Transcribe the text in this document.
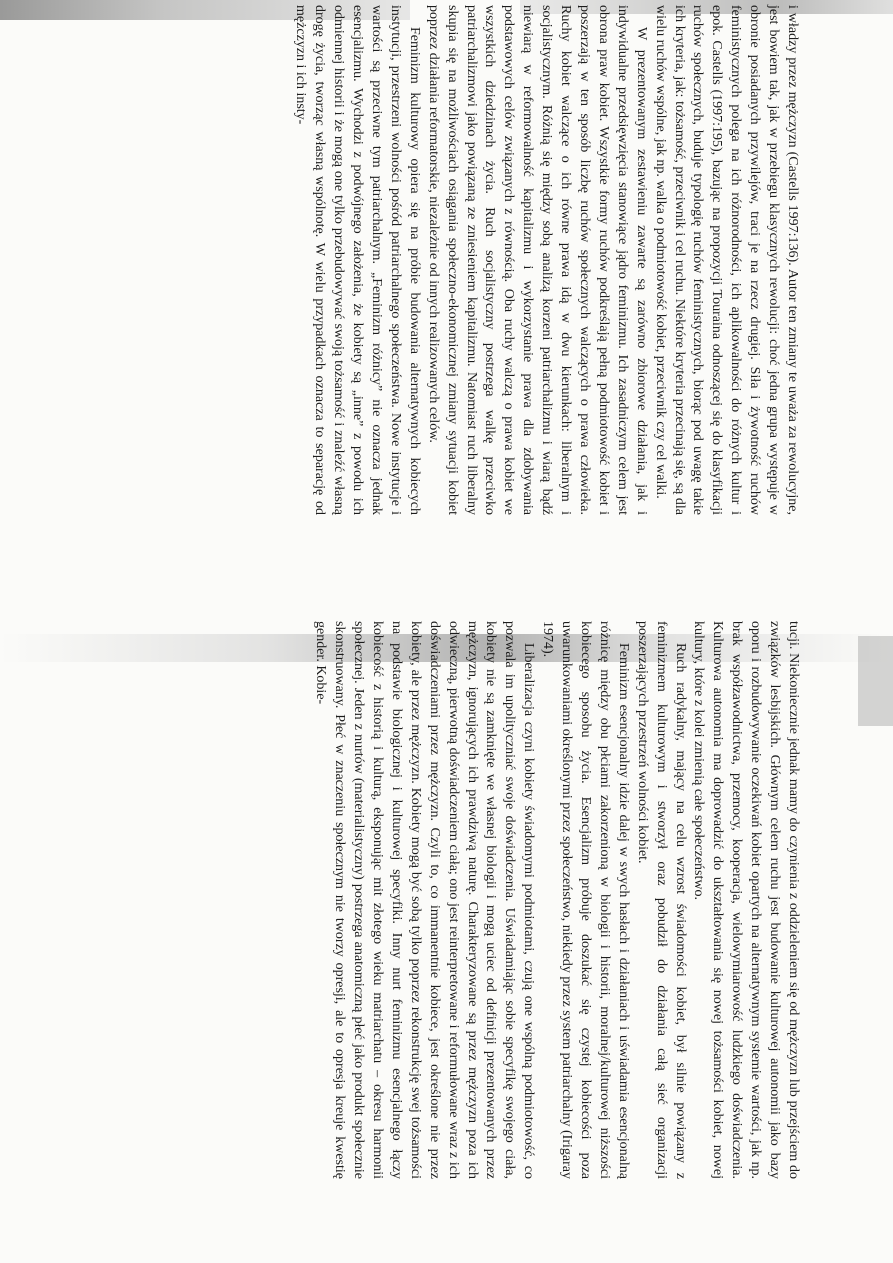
i władzy przez mężczyzn (Castells 1997:136). Autor ten zmiany te uważa za rewolucyjne, jest bowiem tak, jak w przebiegu klasycznych rewolucji: choć jedna grupa występuje w obronie posiadanych przywilejów, traci je na rzecz drugiej. Siła i żywotność ruchów feministycznych polega na ich różnorodności, ich aplikowalności do różnych kultur i epok. Castells (1997:195), bazując na propozycji Touraina odnoszącej się do klasyfikacji ruchów społecznych, buduje typologię ruchów feministycznych, biorąc pod uwagę takie ich kryteria, jak: tożsamość, przeciwnik i cel ruchu. Niektóre kryteria przecinają się, są dla wielu ruchów wspólne, jak np. walka o podmiotowość kobiet, przeciwnik czy cel walki.

W prezentowanym zestawieniu zawarte są zarówno zbiorowe działania, jak i indywidualne przedsięwzięcia stanowiące jądro feminizmu. Ich zasadniczym celem jest obrona praw kobiet. Wszystkie formy ruchów podkreślają pełną podmiotowość kobiet i poszerzają w ten sposób liczbę ruchów społecznych walczących o prawa człowieka. Ruchy kobiet walczące o ich równe prawa idą w dwu kierunkach: liberalnym i socjalistycznym. Różnią się między sobą analizą korzeni patriarchalizmu i wiarą bądź niewiarą w reformowalność kapitalizmu i wykorzystanie prawa dla zdobywania podstawowych celów związanych z równością. Oba ruchy walczą o prawa kobiet we wszystkich dziedzinach życia. Ruch socjalistyczny postrzega walkę przeciwko patriarchalizmowi jako powiązaną ze zniesieniem kapitalizmu. Natomiast ruch liberalny skupia się na możliwościach osiągania społeczno-ekonomicznej zmiany sytuacji kobiet poprzez działania reformatorskie, niezależnie od innych realizowanych celów.

Feminizm kulturowy opiera się na próbie budowania alternatywnych kobiecych instytucji, przestrzeni wolności pośród patriarchalnego społeczeństwa. Nowe instytucje i wartości są przeciwne tym patriarchalnym. „Feminizm różnicy” nie oznacza jednak esencjalizmu. Wychodzi z podwójnego założenia, że kobiety są „inne” z powodu ich odmiennej historii i że mogą one tylko przebudowywać swoją tożsamość i znaleźć własną drogę życia, tworząc własną wspólnotę. W wielu przypadkach oznacza to separację od mężczyzn i ich insty-

tucji. Niekoniecznie jednak mamy do czynienia z oddzieleniem się od mężczyzn lub przejściem do związków lesbijskich. Głównym celem ruchu jest budowanie kulturowej autonomii jako bazy oporu i rozbudowywanie oczekiwań kobiet opartych na alternatywnym systemie wartości, jak np. brak współzawodnictwa, przemocy, kooperacja, wielowymiarowość ludzkiego doświadczenia. Kulturowa autonomia ma doprowadzić do ukształtowania się nowej tożsamości kobiet, nowej kultury, które z kolei zmienią całe społeczeństwo.

Ruch radykalny, mający na celu wzrost świadomości kobiet, był silnie powiązany z feminizmem kulturowym i stworzył oraz pobudził do działania całą sieć organizacji poszerzających przestrzeń wolności kobiet.

Feminizm esencjonalny idzie dalej w swych hasłach i działaniach i uświadamia esencjonalną różnicę między obu płciami zakorzenioną w biologii i historii, moralnej/kulturowej niższości kobiecego sposobu życia. Esencjalizm próbuje doszukać się czystej kobiecości poza uwarunkowaniami określonymi przez społeczeństwo, niekiedy przez system patriarchalny (Irigaray 1974).

Liberalizacja czyni kobiety świadomymi podmiotami, czują one wspólną podmiotowość, co pozwala im upolityczniać swoje doświadczenia. Uświadamiając sobie specyfikę swojego ciała, kobiety nie są zamknięte we własnej biologii i mogą uciec od definicji prezentowanych przez mężczyzn, ignorujących ich prawdziwą naturę. Charakteryzowane są przez mężczyzn poza ich odwieczną, pierwotną doświadczeniem ciała; ono jest reinterpretowane i reformułowane wraz z ich doświadczeniami przez mężczyzn. Czyli to, co immanentnie kobiece, jest określone nie przez kobiety, ale przez mężczyzn. Kobiety mogą być sobą tylko poprzez rekonstrukcję swej tożsamości na podstawie biologicznej i kulturowej specyfiki. Inny nurt feminizmu esencjalnego łączy kobiecość z historią i kulturą, eksponując mit złotego wieku matriarchatu – okresu harmonii społecznej. Jeden z nurtów (materialistyczny) postrzega anatomiczną płeć jako produkt społecznie skonstruowany. Płeć w znaczeniu społecznym nie tworzy opresji, ale to opresja kreuje kwestię gender. Kobie-
